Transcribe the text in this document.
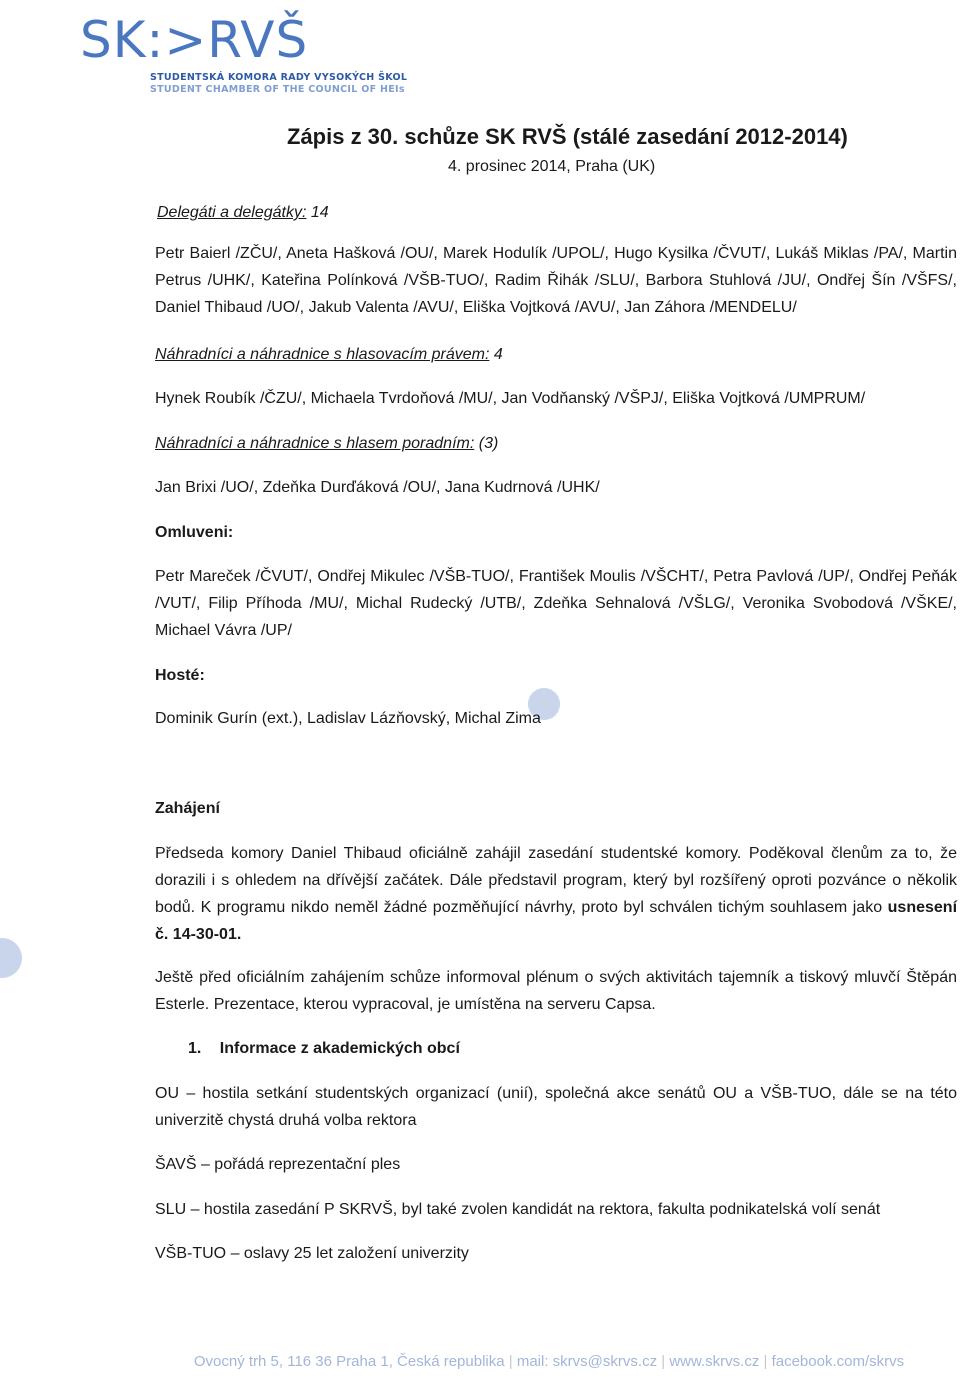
SK:>RVŠ
STUDENTSKÁ KOMORA RADY VYSOKÝCH ŠKOL
STUDENT CHAMBER OF THE COUNCIL OF HEIs
Zápis z 30. schůze SK RVŠ (stálé zasedání 2012-2014)
4. prosinec 2014, Praha (UK)
Delegáti a delegátky: 14
Petr Baierl /ZČU/, Aneta Hašková /OU/, Marek Hodulík /UPOL/, Hugo Kysilka /ČVUT/, Lukáš Miklas /PA/, Martin Petrus /UHK/, Kateřina Polínková /VŠB-TUO/, Radim Řihák /SLU/, Barbora Stuhlová /JU/, Ondřej Šín /VŠFS/, Daniel Thibaud /UO/, Jakub Valenta /AVU/, Eliška Vojtková /AVU/, Jan Záhora /MENDELU/
Náhradníci a náhradnice s hlasovacím právem: 4
Hynek Roubík /ČZU/, Michaela Tvrdoňová /MU/, Jan Vodňanský /VŠPJ/, Eliška Vojtková /UMPRUM/
Náhradníci a náhradnice s hlasem poradním: (3)
Jan Brixi /UO/, Zdeňka Durďáková /OU/, Jana Kudrnová /UHK/
Omluveni:
Petr Mareček /ČVUT/, Ondřej Mikulec /VŠB-TUO/, František Moulis /VŠCHT/, Petra Pavlová /UP/, Ondřej Peňák /VUT/, Filip Příhoda /MU/, Michal Rudecký /UTB/, Zdeňka Sehnalová /VŠLG/, Veronika Svobodová /VŠKE/, Michael Vávra /UP/
Hosté:
Dominik Gurín (ext.), Ladislav Lázňovský, Michal Zima
Zahájení
Předseda komory Daniel Thibaud oficiálně zahájil zasedání studentské komory. Poděkoval členům za to, že dorazili i s ohledem na dřívější začátek. Dále představil program, který byl rozšířený oproti pozvánce o několik bodů. K programu nikdo neměl žádné pozměňující návrhy, proto byl schválen tichým souhlasem jako usnesení č. 14-30-01.
Ještě před oficiálním zahájením schůze informoval plénum o svých aktivitách tajemník a tiskový mluvčí Štěpán Esterle. Prezentace, kterou vypracoval, je umístěna na serveru Capsa.
1. Informace z akademických obcí
OU – hostila setkání studentských organizací (unií), společná akce senátů OU a VŠB-TUO, dále se na této univerzitě chystá druhá volba rektora
ŠAVŠ – pořádá reprezentační ples
SLU – hostila zasedání P SKRVŠ, byl také zvolen kandidát na rektora, fakulta podnikatelská volí senát
VŠB-TUO – oslavy 25 let založení univerzity
Ovocný trh 5, 116 36 Praha 1, Česká republika | mail: skrvs@skrvs.cz | www.skrvs.cz | facebook.com/skrvs
